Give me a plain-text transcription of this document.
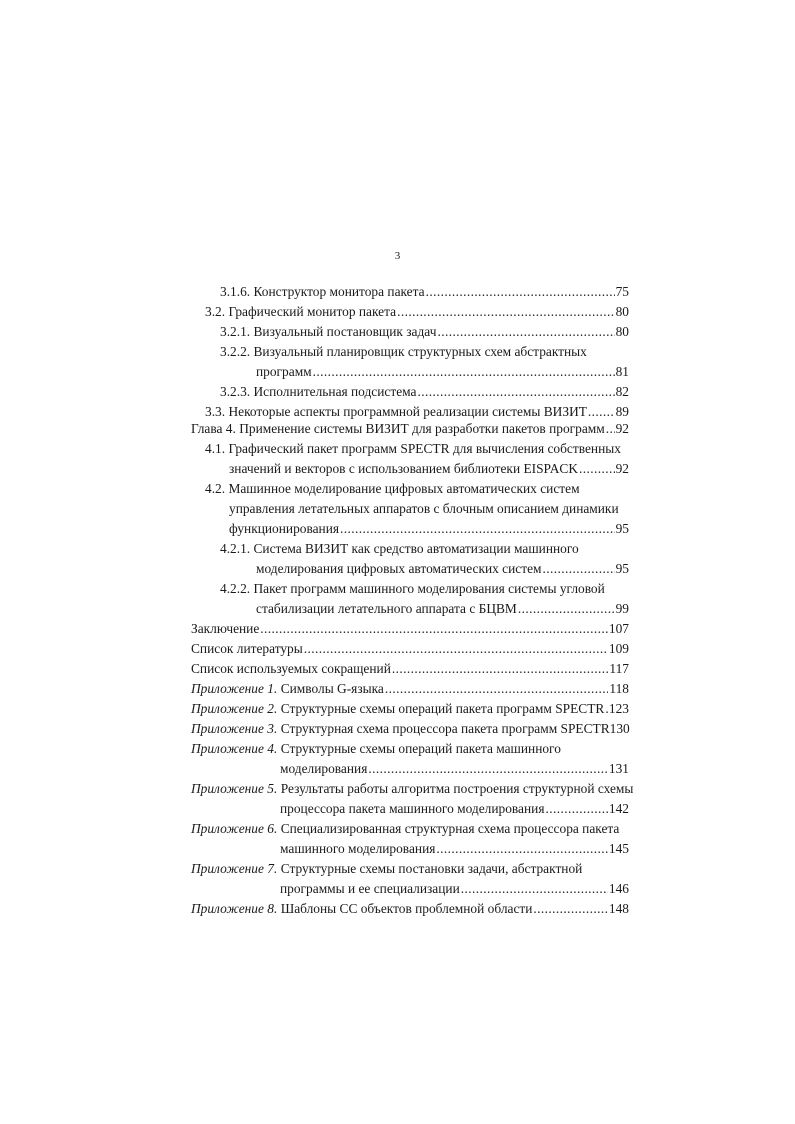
3
3.1.6. Конструктор монитора пакета .....	75
3.2. Графический монитор пакета .....	80
3.2.1. Визуальный постановщик задач .....	80
3.2.2. Визуальный планировщик структурных схем абстрактных
программ .....	81
3.2.3. Исполнительная подсистема .....	82
3.3. Некоторые аспекты программной реализации системы ВИЗИТ ..... 89
Глава 4. Применение системы ВИЗИТ для разработки пакетов программ ..... 92
4.1. Графический пакет программ SPECTR для вычисления собственных
значений и векторов с использованием библиотеки EISPACK .....	92
4.2. Машинное моделирование цифровых автоматических систем
управления летательных аппаратов с блочным описанием динамики
функционирования .....	95
4.2.1. Система ВИЗИТ как средство автоматизации машинного
моделирования цифровых автоматических систем .....	95
4.2.2. Пакет программ машинного моделирования системы угловой
стабилизации летательного аппарата с БЦВМ .....	99
Заключение .....	107
Список литературы .....	109
Список используемых сокращений .....	117
Приложение 1. Символы G-языка .....	118
Приложение 2. Структурные схемы операций пакета программ SPECTR ..... 123
Приложение 3. Структурная схема процессора пакета программ SPECTR 130
Приложение 4. Структурные схемы операций пакета машинного
моделирования .....	131
Приложение 5. Результаты работы алгоритма построения структурной схемы
процессора пакета машинного моделирования .....	142
Приложение 6. Специализированная структурная схема процессора пакета
машинного моделирования .....	145
Приложение 7. Структурные схемы постановки задачи, абстрактной
программы и ее специализации .....	146
Приложение 8. Шаблоны СС объектов проблемной области .....	148
